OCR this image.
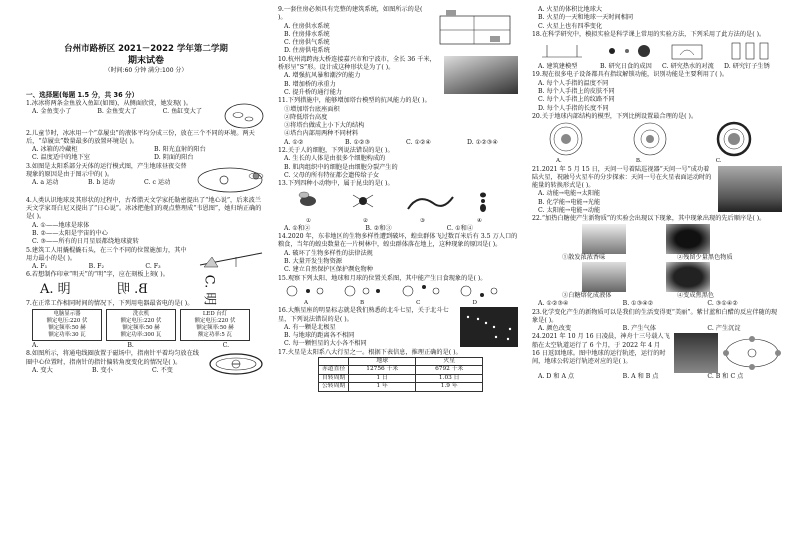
台州市路桥区 2021－2022 学年第二学期
期末试卷
（时间:60 分钟 满分:100 分）
一、选择题(每题 1.5 分，共 36 分）

1.冰冰将两条金鱼放入鱼缸(如图)，从侧面欣赏，她发现( )。

A. 金鱼变小了	B. 金鱼变大了	C. 鱼缸变大了

2.儿童节时，冰冰用一个“草履虫”的液体平均分成三份，放在三个不同的环境。两天后，“草履虫”数量最多的放置环境是( )。

A. 冰箱的冷藏柜	B. 阳光直射的阳台
C. 温度适中的地下室	D. 阴面的阳台

3.如图是太阳系部分天体的运行模式图，产生地球昼夜交替现象的原因是由于图示中的( )。

A. a 运动	B. b 运动	C. c 运动

4.人类认识地球及其形状的过程中，古希腊天文学家托勒密提出了“地心说”，后来波兰天文学家哥白尼又提出了“日心说”。冰冰把他们的观点整理成“韦恩图”，她归纳正确的是( )。

A. ①——地球是球体

B. ②——太阳是宇宙的中心

C. ③——所有的日月星辰都绕地球旋转

5.建筑工人用撬棍撬石头，在三个不同的位置施加力，其中用力最小的是( )。

A. F₁	B. F₂	C. F₃

6.若想制作印章“明天”的“明”字，应在刻板上刻( )。

A. 明	B. 明	C. 明

7.在正常工作相同时间的情况下，下列用电器最省电的是( )。

电脑显示器
额定电压:220 伏
额定频率:50 赫
额定功率:30 瓦
洗衣机
额定电压:220 伏
额定频率:50 赫
额定功率:300 瓦
LED 台灯
额定电压:220 伏
额定频率:50 赫
额定功率:5 瓦
A.	B.	C.

8.如图所示，将通电线圈放置于磁场中，指南针平着均匀放在线圈中心位置时，指南针的指针偏转角度变化的情况是( )。

A. 变大	B. 变小	C. 不变

9.一套住房必须具有完整的建筑系统，如图所示的是( )。

A. 住房供水系统

B. 住房排水系统

C. 住房供气系统

D. 住房供电系统

10.杭州湾跨海大桥连接嘉兴市和宁波市，全长 36 千米，桥形呈“S”形。设计成这种形状是为了( )。

A. 增强抗风暴和潮汐的能力

B. 增加桥的承重力

C. 提升桥的通行能力

11.下列措施中，能够增加塔台模型的抗风能力的是( )。

①增加塔台底座面积

②降低塔台高度

③将塔台做成上小下大的结构

④塔台内部用两种不同材料

A. ①②	B. ①②③	C. ①②④	D. ①②③④

12.关于人的细胞，下列说法错误的是( )。

A. 生长的人体是由很多个细胞构成的

B. 肌肉组织中的细胞是由细胞分裂产生的

C. 父母的所有特征都会遗传给子女

13.下列四种小动物中，属于昆虫的是( )。

①	②	③	④
A. ①和②	B. ②和③	C. ①和④

14.2020 年，东非地区的生物多样性遭到破坏，蝗虫群体飞过数百米后有 3.5 万人口的粮食，当年的蝗虫数量在一片树林中，蝗虫群体落在地上，这种现象的原因是( )。

A. 破坏了生物多样性的法律法规

B. 大量开发生物资源

C. 建立自然保护区保护濒危物种

15.观察下列太阳、地球和月球的位置关系图，其中能产生日食现象的是( )。

A	B	C	D

16.大熊星座的明显标志就是我们熟悉的北斗七星，关于北斗七星，下列说法错误的是( )。

A. 有一颗是北极星

B. 与地球的距离各不相同

C. 每一颗恒星的大小各不相同

17.火星是太阳系八大行星之一。根据下表信息，推理正确的是( )。

	地球	火星
赤道直径	12756 千米	6792 千米
自转周期	1 日	1.03 日
公转周期	1 年	1.9 年

A. 火星的体积比地球大

B. 火星的一天和地球一天时间相同

C. 火星上也有四季变化

18.在科学研究中，模拟实验是科学课上常用的实验方法，下列采用了此方法的是( )。

A. 建筑建模型	B. 研究日食的成因	C. 研究热水的对流	D. 研究钉子生锈

19.现在很多电子设备都具有指纹解锁功能，识别功能是主要利用了( )。

A. 每个人手指的温度不同

B. 每个人手指上的皮肤不同

C. 每个人手指上的纹路不同

D. 每个人手指的长度不同

20.关于地球内部结构的模型，下列比例设置最合理的是( )。

A.	B.	C.

21.2021 年 5 月 15 日，天问一号着陆巡视器“天问一号”成功着陆火星，祝融号火星车的分步探索：天问一号在火星表面运动时的能量的转换形式是( )。

A. 动能→电能→太阳能

B. 化学能→电能→光能

C. 太阳能→电能→动能

22.“加热白糖使产生新物质”的实验会出现以下现象，其中现象出现的先后顺序是( )。

①散发浓浓香味	②残留少量黑色物质
③白糖熔化成液体	④变成焦黑色
A. ①②③④	B. ①③④②	C. ③①④②

23.化学变化产生的新物质可以是我们的生活变得更“美丽”。紫甘蓝和白醋的反应伴随的现象是( )。

A. 颜色改变	B. 产生气体	C. 产生沉淀

24.2021 年 10 月 16 日凌晨，神舟十三号载人飞船在太空轨道运行了 6 个月，于 2022 年 4 月 16 日返回地球。图中地球的运行轨迹，运行的时间，地球公转运行轨迹对应的是( )。

A. D 和 A 点	B. A 和 B 点	C. B 和 C 点
